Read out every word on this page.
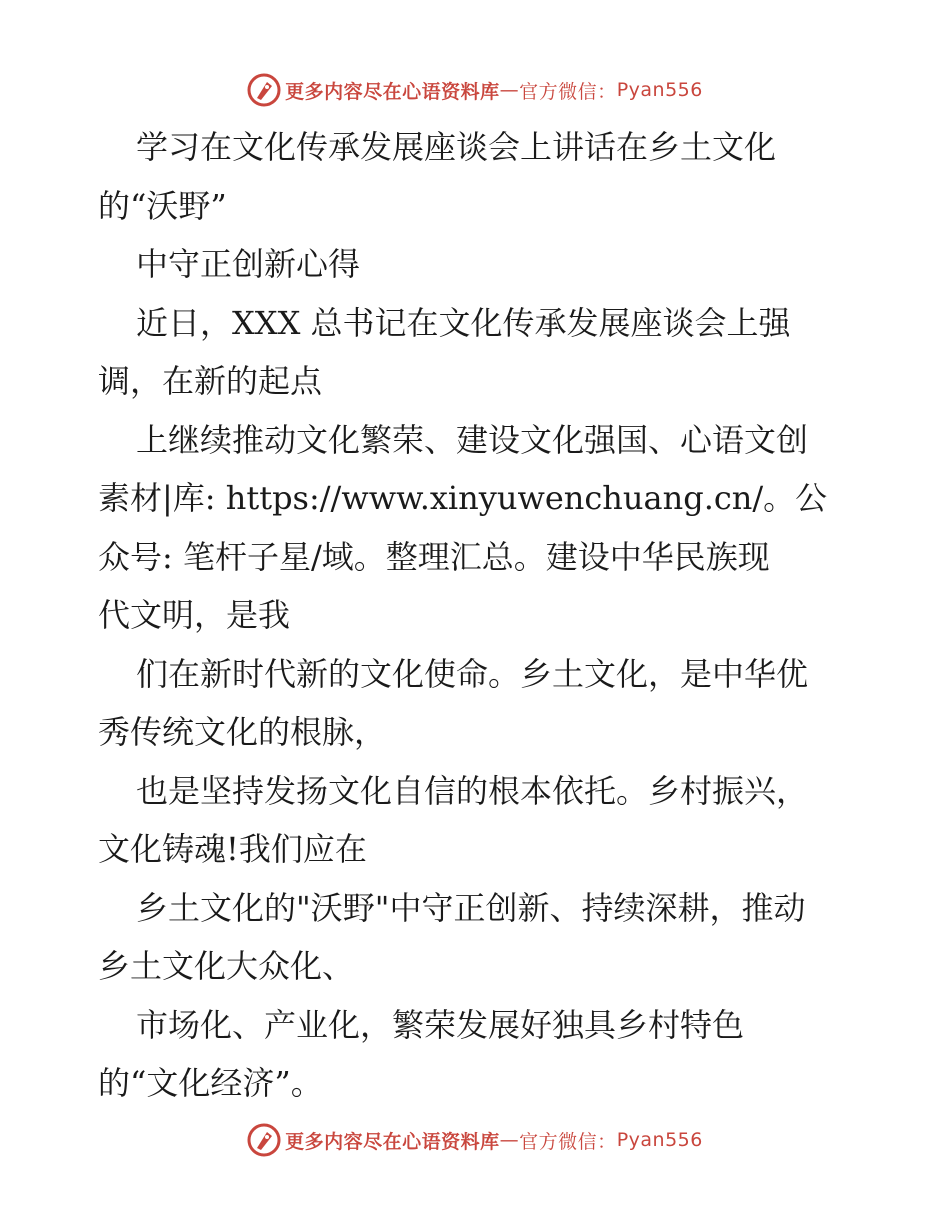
更多内容尽在心语资料库 — 官方微信： Pyan556

学习在文化传承发展座谈会上讲话在乡土文化
的“沃野”

中守正创新心得

近日，XXX 总书记在文化传承发展座谈会上强
调，在新的起点

上继续推动文化繁荣、建设文化强国、心语文创
素材|库: https://www.xinyuwenchuang.cn/。公
众号: 笔杆子星/域。整理汇总。建设中华民族现
代文明，是我

们在新时代新的文化使命。乡土文化，是中华优
秀传统文化的根脉，

也是坚持发扬文化自信的根本依托。乡村振兴，
文化铸魂!我们应在

乡土文化的"沃野"中守正创新、持续深耕，推动
乡土文化大众化、

市场化、产业化，繁荣发展好独具乡村特色
的“文化经济”。

更多内容尽在心语资料库 — 官方微信： Pyan556
